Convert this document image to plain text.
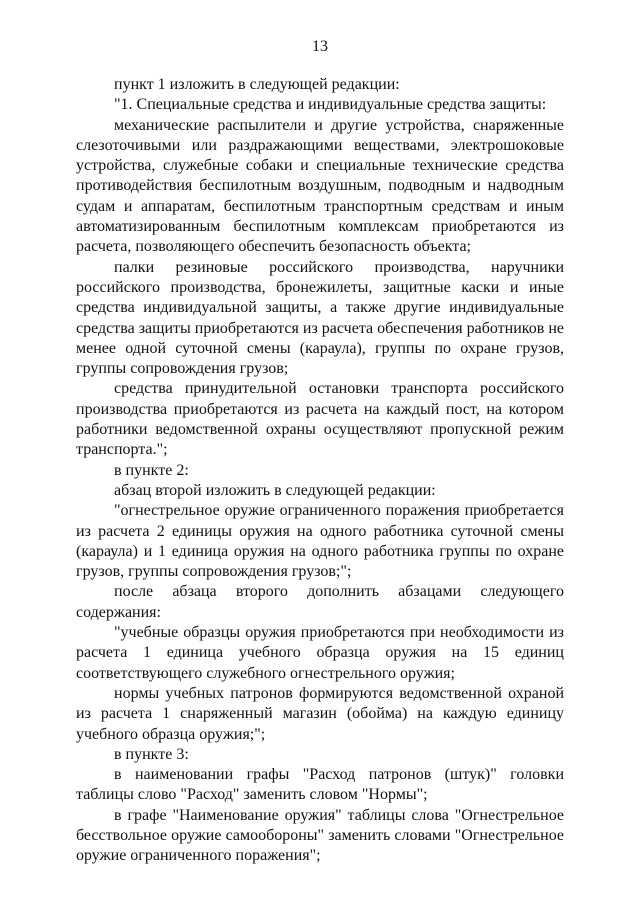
13

пункт 1 изложить в следующей редакции:

"1. Специальные средства и индивидуальные средства защиты:

механические распылители и другие устройства, снаряженные слезоточивыми или раздражающими веществами, электрошоковые устройства, служебные собаки и специальные технические средства противодействия беспилотным воздушным, подводным и надводным судам и аппаратам, беспилотным транспортным средствам и иным автоматизированным беспилотным комплексам приобретаются из расчета, позволяющего обеспечить безопасность объекта;

палки резиновые российского производства, наручники российского производства, бронежилеты, защитные каски и иные средства индивидуальной защиты, а также другие индивидуальные средства защиты приобретаются из расчета обеспечения работников не менее одной суточной смены (караула), группы по охране грузов, группы сопровождения грузов;

средства принудительной остановки транспорта российского производства приобретаются из расчета на каждый пост, на котором работники ведомственной охраны осуществляют пропускной режим транспорта.";

в пункте 2:

абзац второй изложить в следующей редакции:

"огнестрельное оружие ограниченного поражения приобретается из расчета 2 единицы оружия на одного работника суточной смены (караула) и 1 единица оружия на одного работника группы по охране грузов, группы сопровождения грузов;";

после абзаца второго дополнить абзацами следующего содержания:

"учебные образцы оружия приобретаются при необходимости из расчета 1 единица учебного образца оружия на 15 единиц соответствующего служебного огнестрельного оружия;

нормы учебных патронов формируются ведомственной охраной из расчета 1 снаряженный магазин (обойма) на каждую единицу учебного образца оружия;";

в пункте 3:

в наименовании графы "Расход патронов (штук)" головки таблицы слово "Расход" заменить словом "Нормы";

в графе "Наименование оружия" таблицы слова "Огнестрельное бесствольное оружие самообороны" заменить словами "Огнестрельное оружие ограниченного поражения";
